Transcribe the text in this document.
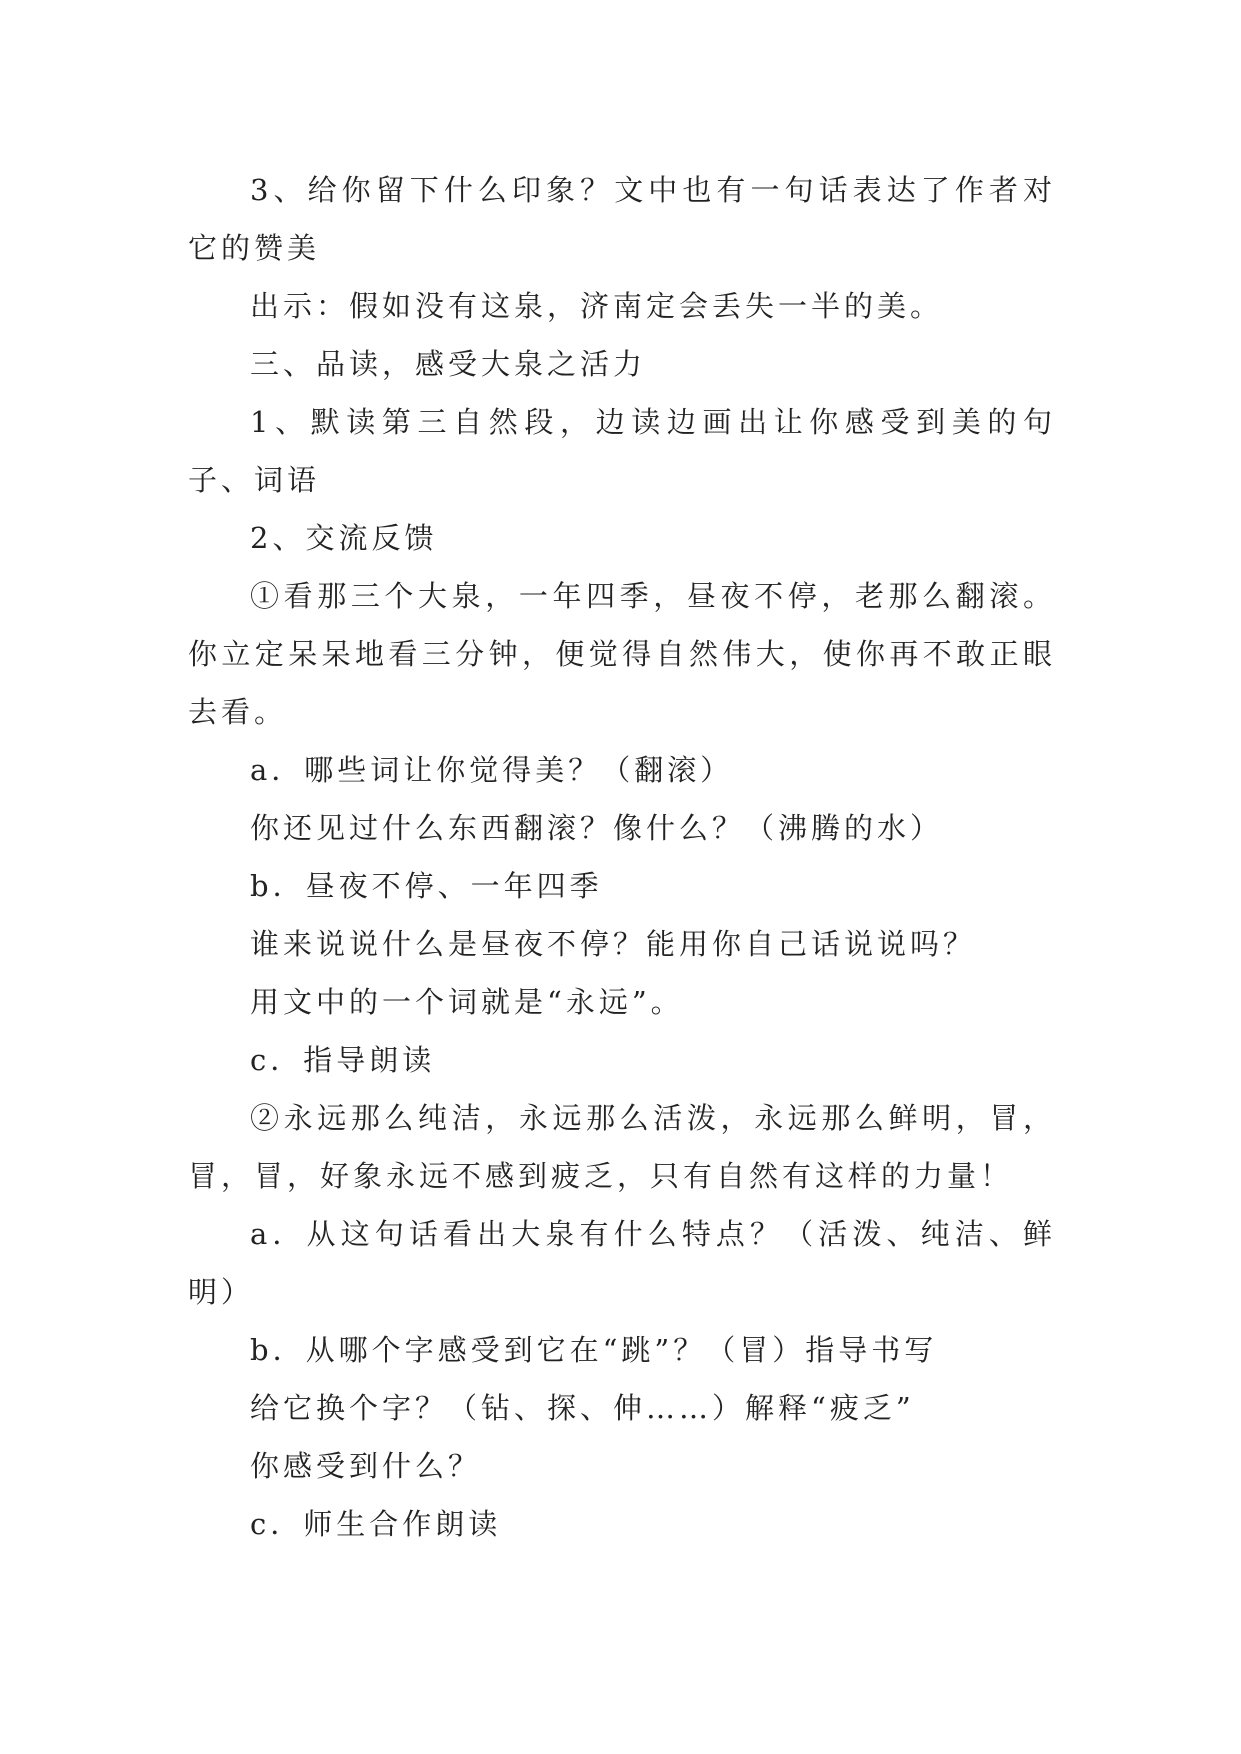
3、给你留下什么印象？文中也有一句话表达了作者对它的赞美

出示：假如没有这泉，济南定会丢失一半的美。

三、品读，感受大泉之活力

1、默读第三自然段，边读边画出让你感受到美的句子、词语

2、交流反馈

①看那三个大泉，一年四季，昼夜不停，老那么翻滚。你立定呆呆地看三分钟，便觉得自然伟大，使你再不敢正眼去看。

a．哪些词让你觉得美？（翻滚）

你还见过什么东西翻滚？像什么？（沸腾的水）

b．昼夜不停、一年四季

谁来说说什么是昼夜不停？能用你自己话说说吗？

用文中的一个词就是“永远”。

c．指导朗读

②永远那么纯洁，永远那么活泼，永远那么鲜明，冒，冒，冒，好象永远不感到疲乏，只有自然有这样的力量！

a．从这句话看出大泉有什么特点？（活泼、纯洁、鲜明）

b．从哪个字感受到它在“跳”？（冒）指导书写

给它换个字？（钻、探、伸……）解释“疲乏”

你感受到什么？

c．师生合作朗读
